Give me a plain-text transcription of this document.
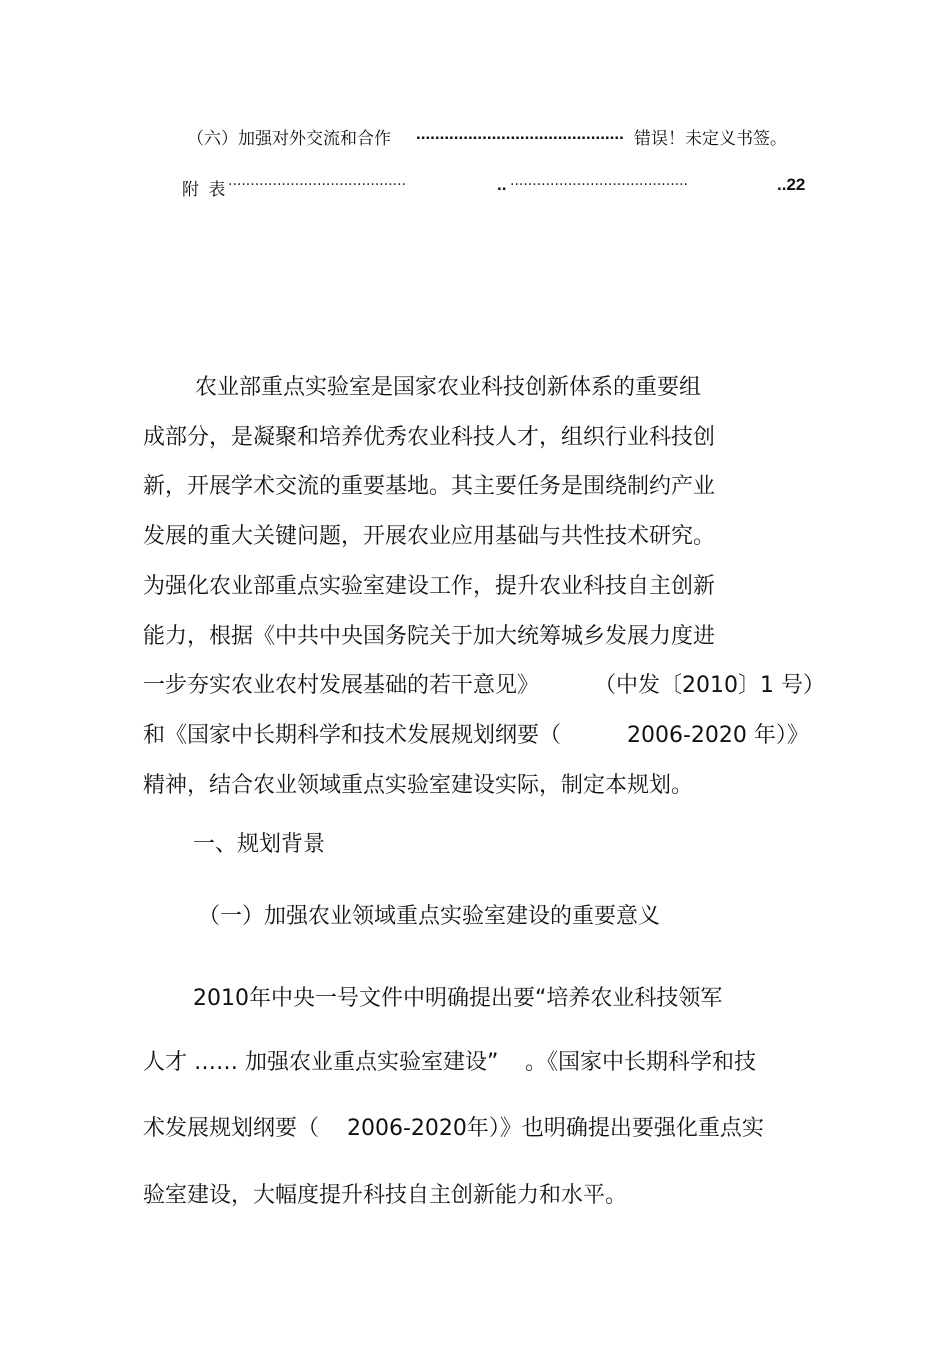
（六）加强对外交流和合作 ............................................ 错误！未定义书签。
附 表 ········································	.. ········································	..22
农业部重点实验室是国家农业科技创新体系的重要组
成部分，是凝聚和培养优秀农业科技人才，组织行业科技创
新，开展学术交流的重要基地。其主要任务是围绕制约产业
发展的重大关键问题，开展农业应用基础与共性技术研究。
为强化农业部重点实验室建设工作，提升农业科技自主创新
能力，根据《中共中央国务院关于加大统筹城乡发展力度进
一步夯实农业农村发展基础的若干意见》 （中发〔2010〕1 号）
和《国家中长期科学和技术发展规划纲要（	2006-2020 年）》
精神，结合农业领域重点实验室建设实际，制定本规划。
一、规划背景
（一）加强农业领域重点实验室建设的重要意义
2010年中央一号文件中明确提出要“培养农业科技领军
人才 …… 加强农业重点实验室建设” 。《国家中长期科学和技
术发展规划纲要（ 2006-2020年）》也明确提出要强化重点实
验室建设，大幅度提升科技自主创新能力和水平。
